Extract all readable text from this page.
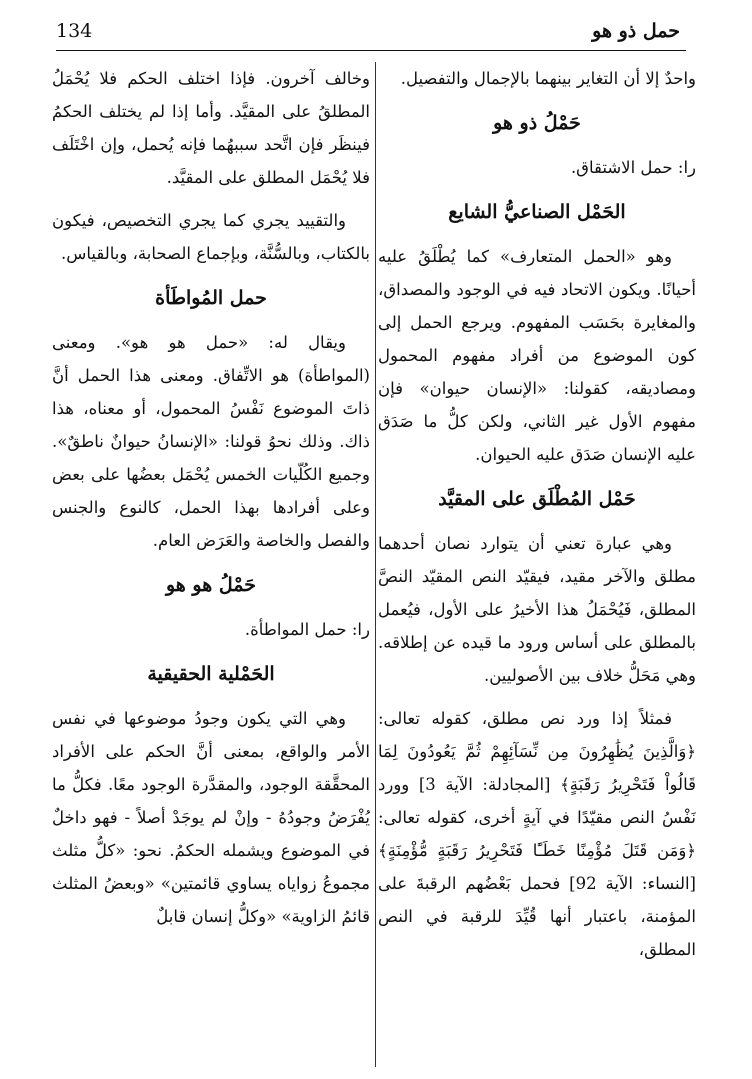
134	حمل ذو هو

واحدٌ إلا أن التغاير بينهما بالإجمال والتفصيل.

حَمْلُ ذو هو

را: حمل الاشتقاق.

الحَمْل الصناعيُّ الشايع

وهو «الحمل المتعارف» كما يُطْلَقُ عليه أحيانًا. ويكون الاتحاد فيه في الوجود والمصداق، والمغايرة بحَسَب المفهوم. ويرجع الحمل إلى كون الموضوع من أفراد مفهوم المحمول ومصاديقه، كقولنا: «الإنسان حيوان» فإن مفهوم الأول غير الثاني، ولكن كلُّ ما صَدَق عليه الإنسان صَدَق عليه الحيوان.

حَمْل المُطْلَق على المقيَّد

وهي عبارة تعني أن يتوارد نصان أحدهما مطلق والآخر مقيد، فيقيّد النص المقيّد النصَّ المطلق، فَيُحْمَلُ هذا الأخيرُ على الأول، فيُعمل بالمطلق على أساس ورود ما قيده عن إطلاقه. وهي مَحَلُّ خلاف بين الأصوليين.

فمثلاً إذا ورد نص مطلق، كقوله تعالى: ﴿وَالَّذِينَ يُظَٰهِرُونَ مِن نِّسَآئِهِمْ ثُمَّ يَعُودُونَ لِمَا قَالُواْ فَتَحْرِيرُ رَقَبَةٍ﴾ [المجادلة: الآية 3] وورد نَفْسُ النص مقيّدًا في آيةٍ أخرى، كقوله تعالى: ﴿وَمَن قَتَلَ مُؤْمِنًا خَطَـًٔا فَتَحْرِيرُ رَقَبَةٍ مُّؤْمِنَةٍ﴾ [النساء: الآية 92] فحمل بَعْضُهم الرقبةَ على المؤمنة، باعتبار أنها قُيِّدَ للرقبة في النص المطلق،

وخالف آخرون. فإذا اختلف الحكم فلا يُحْمَلُ المطلقُ على المقيَّد. وأما إذا لم يختلف الحكمُ فينظَر فإن اتَّحد سببهُما فإنه يُحمل، وإن اخْتَلَف فلا يُحْمَل المطلق على المقيَّد.

والتقييد يجري كما يجري التخصيص، فيكون بالكتاب، وبالسُّنَّة، وبإجماع الصحابة، وبالقياس.

حمل المُواطَأة

ويقال له: «حمل هو هو». ومعنى (المواطأة) هو الاتِّفاق. ومعنى هذا الحمل أنَّ ذاتَ الموضوع نَفْسُ المحمول، أو معناه، هذا ذاك. وذلك نحوُ قولنا: «الإنسانُ حيوانٌ ناطقٌ». وجميع الكُلّيات الخمس يُحْمَل بعضُها على بعض وعلى أفرادها بهذا الحمل، كالنوع والجنس والفصل والخاصة والعَرَض العام.

حَمْلُ هو هو

را: حمل المواطأة.

الحَمْلية الحقيقية

وهي التي يكون وجودُ موضوعها في نفس الأمر والواقع، بمعنى أنَّ الحكم على الأفراد المحقَّقة الوجود، والمقدَّرة الوجود معًا. فكلُّ ما يُفْرَضُ وجودُهُ - وإنْ لم يوجَدْ أصلاً - فهو داخلٌ في الموضوع ويشمله الحكمُ. نحو: «كلُّ مثلث مجموعُ زواياه يساوي قائمتين» «وبعضُ المثلث قائمُ الزاوية» «وكلُّ إنسان قابلٌ
